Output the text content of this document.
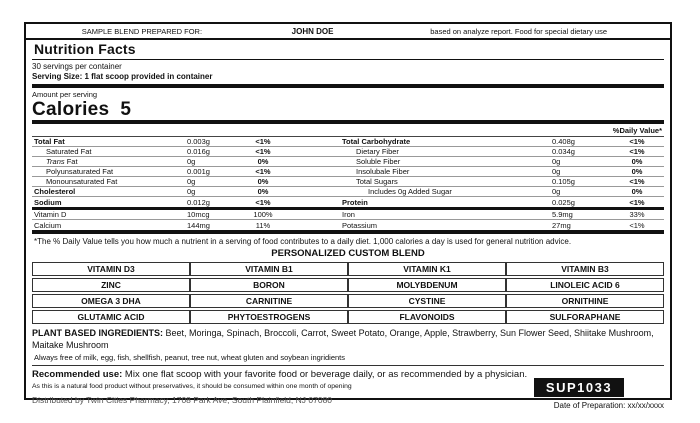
SAMPLE BLEND PREPARED FOR:	JOHN DOE	based on analyze report. Food for special dietary use
Nutrition Facts
30 servings per container
Serving Size: 1 flat scoop provided in container
Amount per serving
Calories 5
%Daily Value*
Total Fat	0.003g	<1%	Total Carbohydrate	0.408g	<1%
Saturated Fat	0.016g	<1%	Dietary Fiber	0.034g	<1%
Trans Fat	0g	0%	Soluble Fiber	0g	0%
Polyunsaturated Fat	0.001g	<1%	Insolubale Fiber	0g	0%
Monounsaturated Fat	0g	0%	Total Sugars	0.105g	<1%
Cholesterol	0g	0%	Includes 0g Added Sugar	0g	0%
Sodium	0.012g	<1%	Protein	0.025g	<1%
Vitamin D	10mcg	100%	Iron	5.9mg	33%
Calcium	144mg	11%	Potassium	27mg	<1%
*The % Daily Value tells you how much a nutrient in a serving of food contributes to a daily diet. 1,000 calories a day is used for general nutrition advice.
PERSONALIZED CUSTOM BLEND
VITAMIN D3	VITAMIN B1	VITAMIN K1	VITAMIN B3
ZINC	BORON	MOLYBDENUM	LINOLEIC ACID 6
OMEGA 3 DHA	CARNITINE	CYSTINE	ORNITHINE
GLUTAMIC ACID	PHYTOESTROGENS	FLAVONOIDS	SULFORAPHANE
PLANT BASED INGREDIENTS: Beet, Moringa, Spinach, Broccoli, Carrot, Sweet Potato, Orange, Apple, Strawberry, Sun Flower Seed, Shiitake Mushroom, Maitake Mushroom
Always free of milk, egg, fish, shellfish, peanut, tree nut, wheat gluten and soybean ingridients
Recommended use: Mix one flat scoop with your favorite food or beverage daily, or as recommended by a physician.
As this is a natural food product without preservatives, it should be consumed within one month of opening
Distributed by Twin Cities Pharmacy, 1708 Park Ave, South Plainfield, NJ 07080
SUP1033
Date of Preparation: xx/xx/xxxx
